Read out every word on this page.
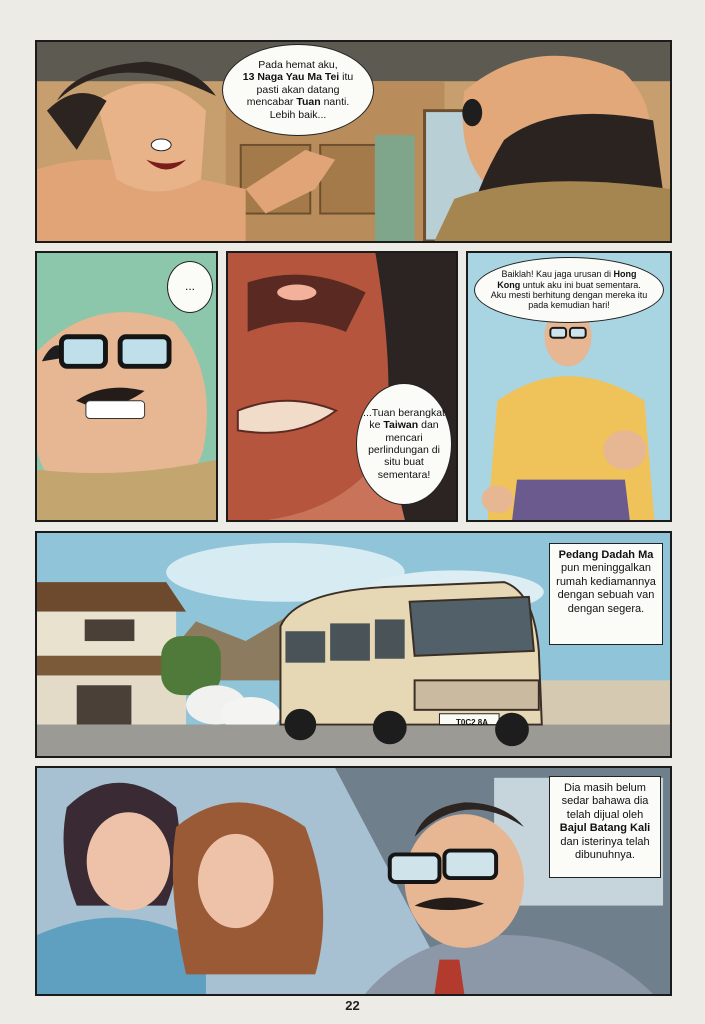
Pada hemat aku,
13 Naga Yau Ma Tei itu pasti akan datang mencabar Tuan nanti. Lebih baik...
...
...Tuan berangkat ke Taiwan dan mencari perlindungan di situ buat sementara!
Baiklah! Kau jaga urusan di Hong Kong untuk aku ini buat sementara. Aku mesti berhitung dengan mereka itu pada kemudian hari!
T0C2 8A
Pedang Dadah Ma pun meninggalkan rumah kediamannya dengan sebuah van dengan segera.
Dia masih belum sedar bahawa dia telah dijual oleh Bajul Batang Kali dan isterinya telah dibunuhnya.
22
